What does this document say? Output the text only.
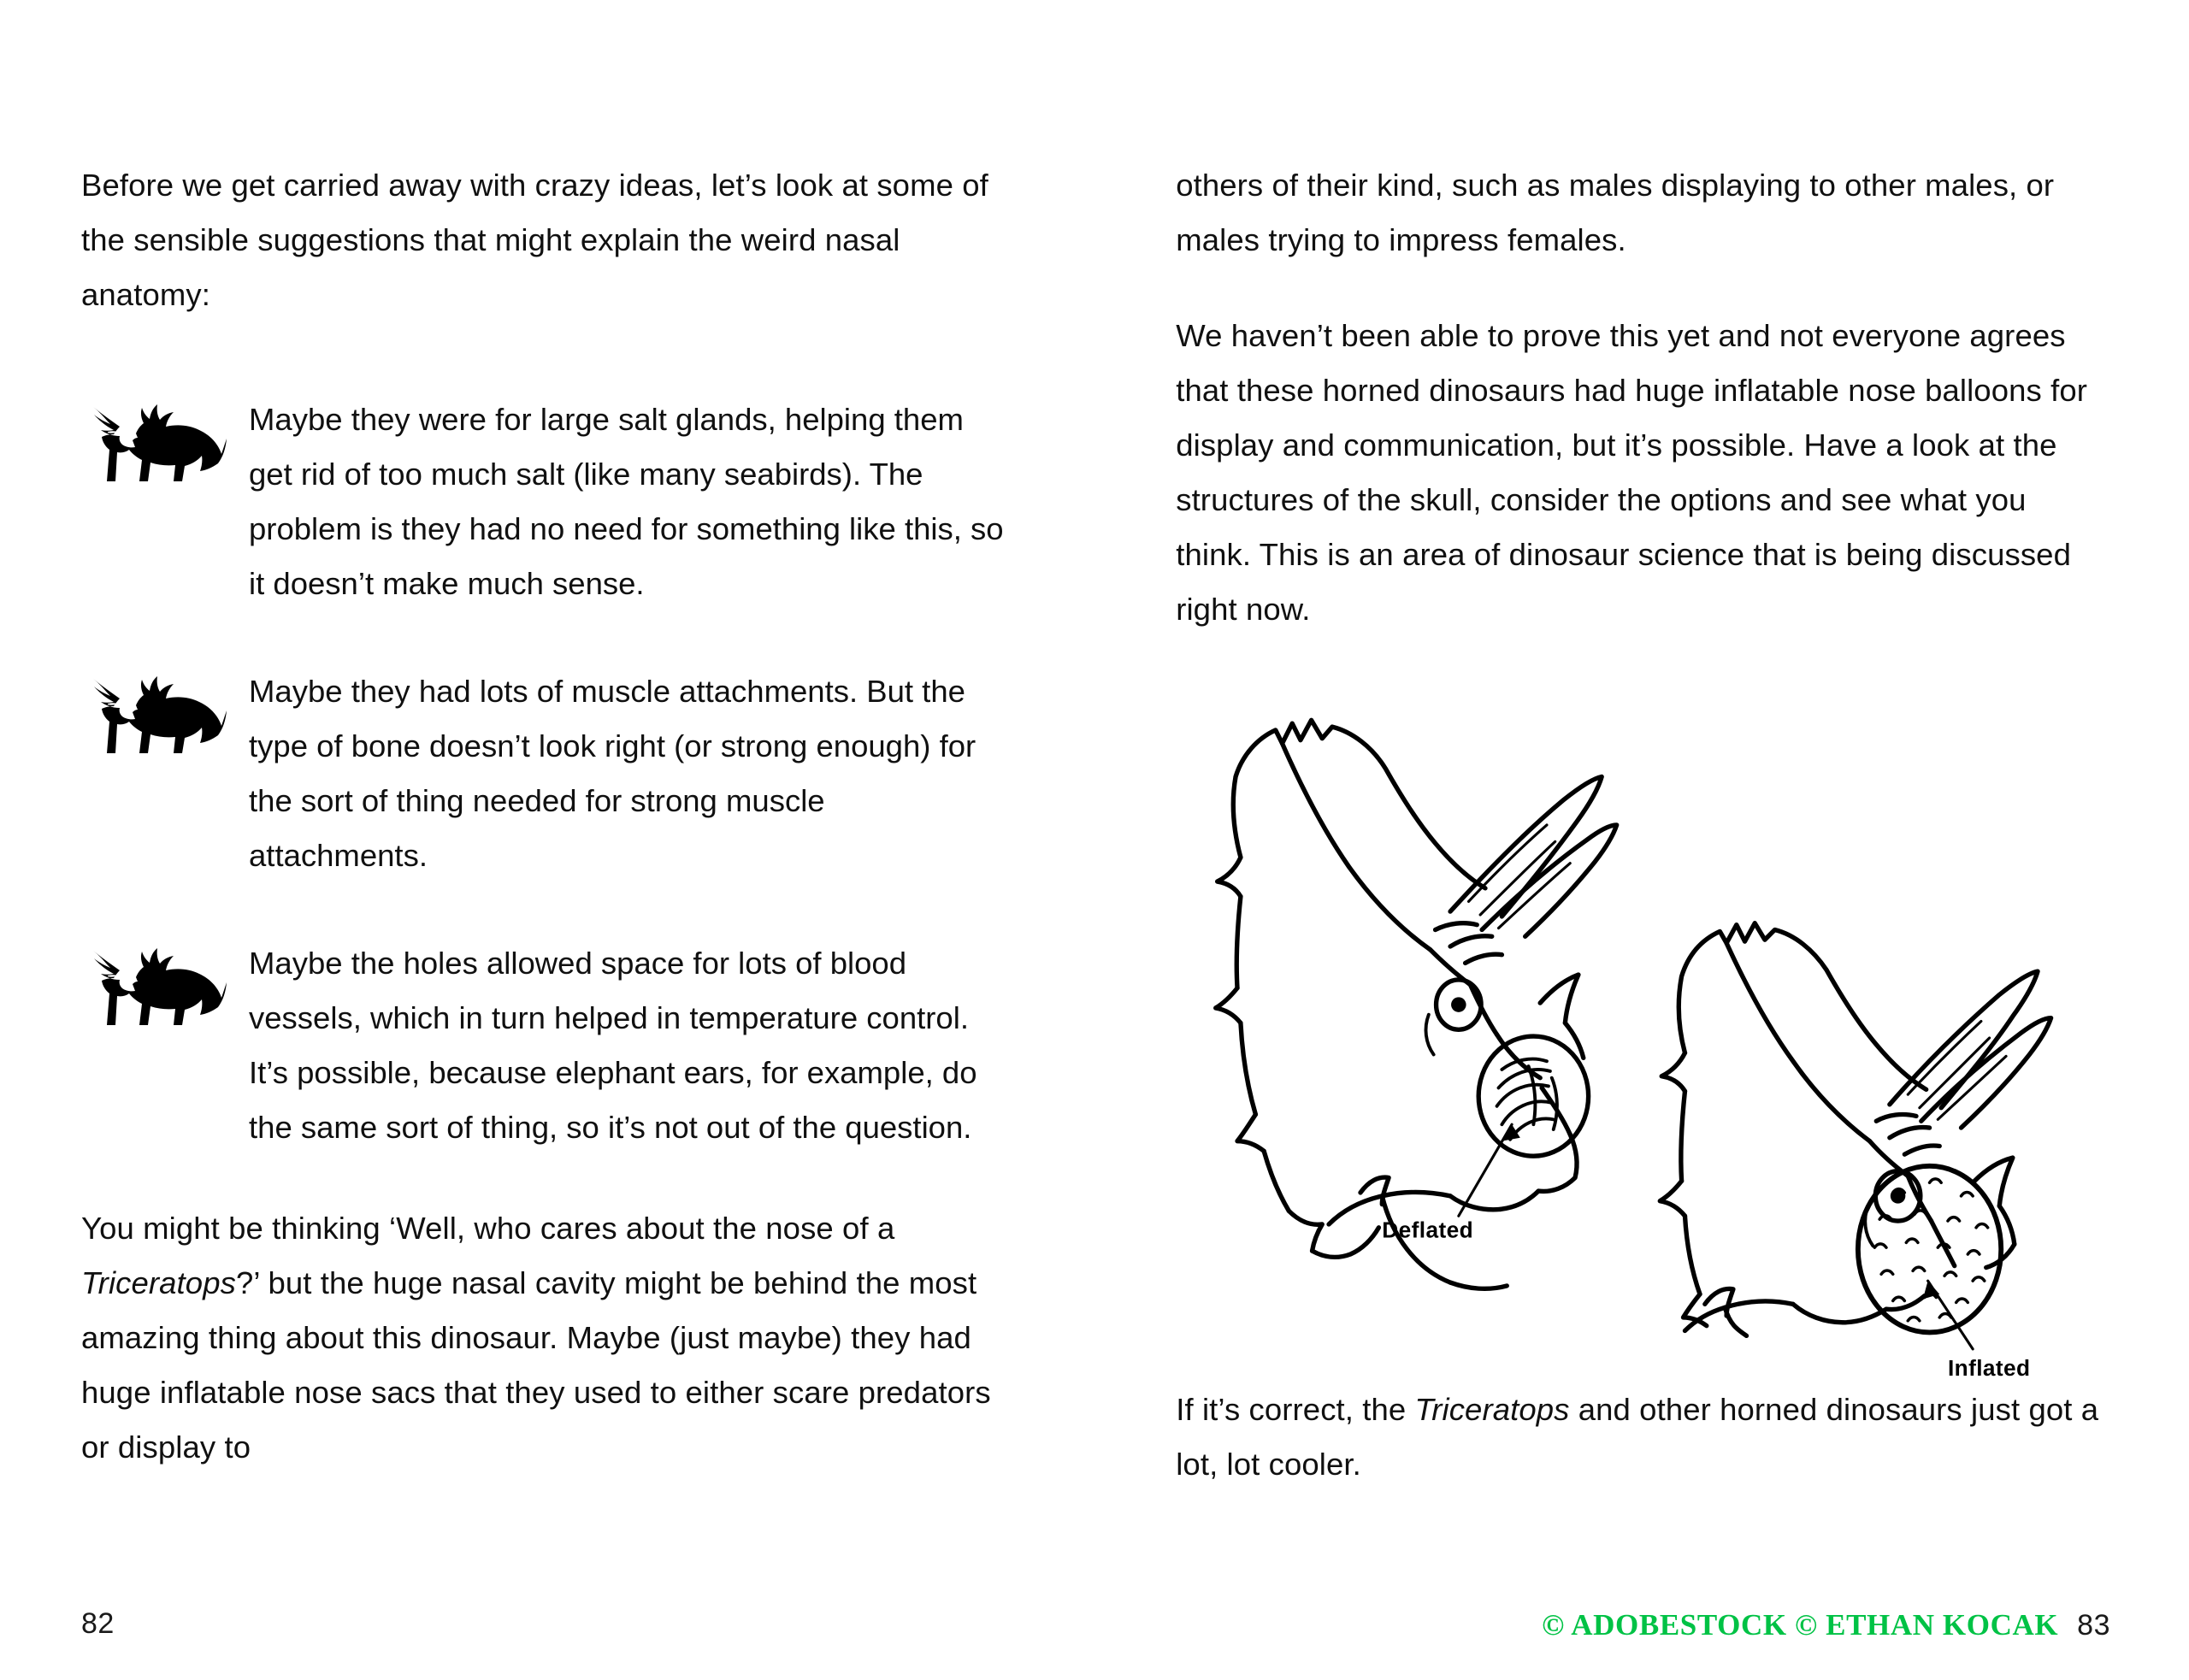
Before we get carried away with crazy ideas, let’s look at some of the sensible suggestions that might explain the weird nasal anatomy:

Maybe they were for large salt glands, helping them get rid of too much salt (like many seabirds). The problem is they had no need for something like this, so it doesn’t make much sense.
Maybe they had lots of muscle attachments. But the type of bone doesn’t look right (or strong enough) for the sort of thing needed for strong muscle attachments.
Maybe the holes allowed space for lots of blood vessels, which in turn helped in temperature control. It’s possible, because elephant ears, for example, do the same sort of thing, so it’s not out of the question.

You might be thinking ‘Well, who cares about the nose of a Triceratops?’ but the huge nasal cavity might be behind the most amazing thing about this dinosaur. Maybe (just maybe) they had huge inflatable nose sacs that they used to either scare predators or display to

others of their kind, such as males displaying to other males, or males trying to impress females.

We haven’t been able to prove this yet and not everyone agrees that these horned dinosaurs had huge inflatable nose balloons for display and communication, but it’s possible. Have a look at the structures of the skull, consider the options and see what you think. This is an area of dinosaur science that is being discussed right now.

Deflated
Inflated

If it’s correct, the Triceratops and other horned dinosaurs just got a lot, lot cooler.

82	© ADOBESTOCK © ETHAN KOCAK 83
